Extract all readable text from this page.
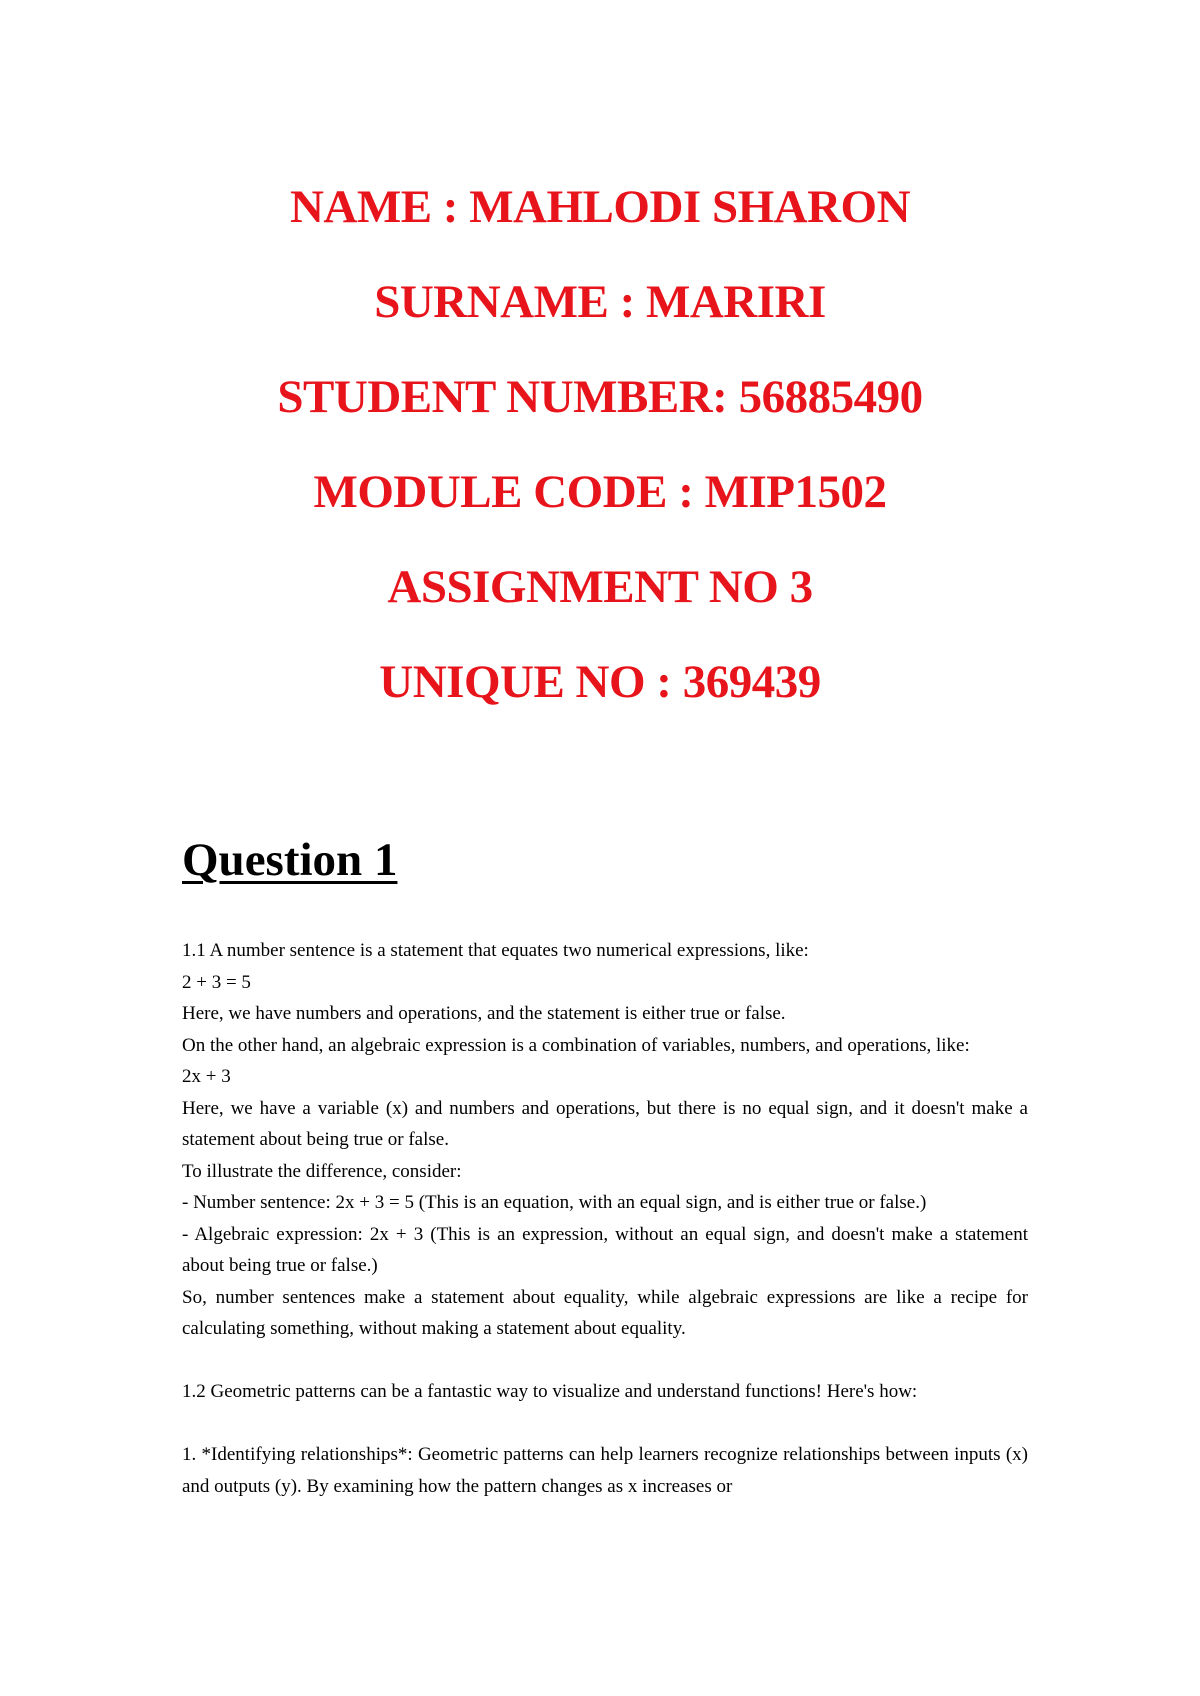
NAME : MAHLODI SHARON
SURNAME : MARIRI
STUDENT NUMBER: 56885490
MODULE CODE : MIP1502
ASSIGNMENT NO 3
UNIQUE NO : 369439
Question 1

1.1 A number sentence is a statement that equates two numerical expressions, like:

2 + 3 = 5

Here, we have numbers and operations, and the statement is either true or false.

On the other hand, an algebraic expression is a combination of variables, numbers, and operations, like:

2x + 3

Here, we have a variable (x) and numbers and operations, but there is no equal sign, and it doesn't make a statement about being true or false.

To illustrate the difference, consider:

- Number sentence: 2x + 3 = 5 (This is an equation, with an equal sign, and is either true or false.)

- Algebraic expression: 2x + 3 (This is an expression, without an equal sign, and doesn't make a statement about being true or false.)

So, number sentences make a statement about equality, while algebraic expressions are like a recipe for calculating something, without making a statement about equality.

1.2 Geometric patterns can be a fantastic way to visualize and understand functions! Here's how:

1. *Identifying relationships*: Geometric patterns can help learners recognize relationships between inputs (x) and outputs (y). By examining how the pattern changes as x increases or
